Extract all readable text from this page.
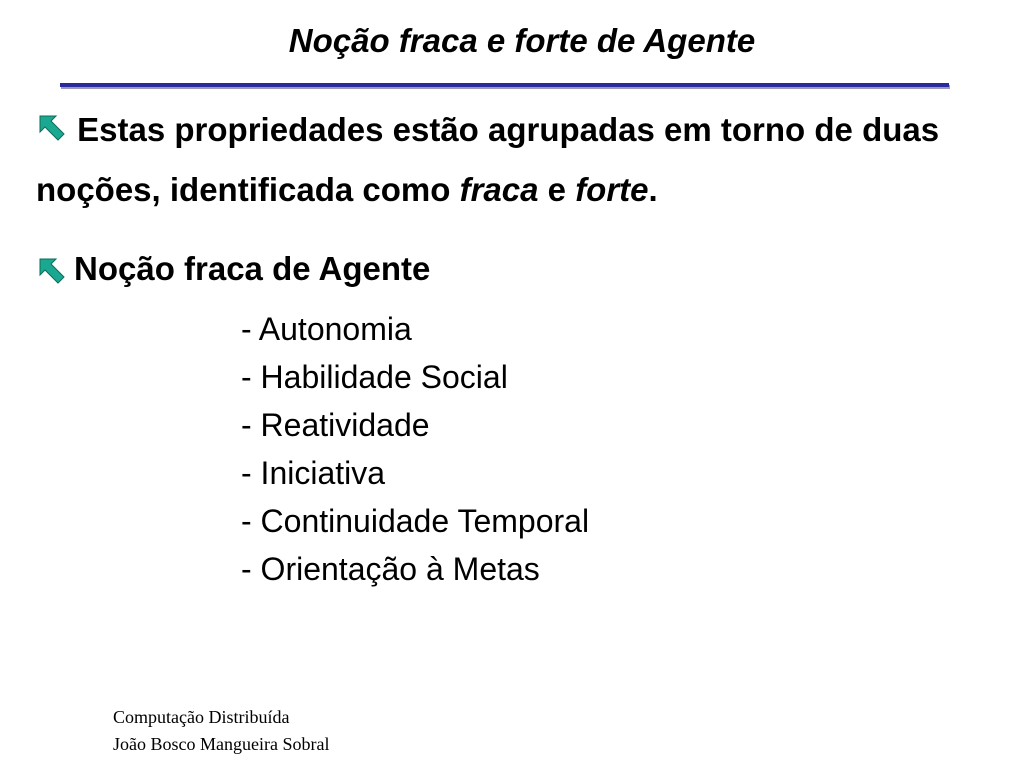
Noção fraca e forte de Agente
Estas propriedades estão agrupadas em torno de duas noções, identificada como fraca e forte.
Noção fraca de Agente
- Autonomia
- Habilidade Social
- Reatividade
- Iniciativa
- Continuidade Temporal
- Orientação à Metas
Computação Distribuída
João Bosco Mangueira Sobral
